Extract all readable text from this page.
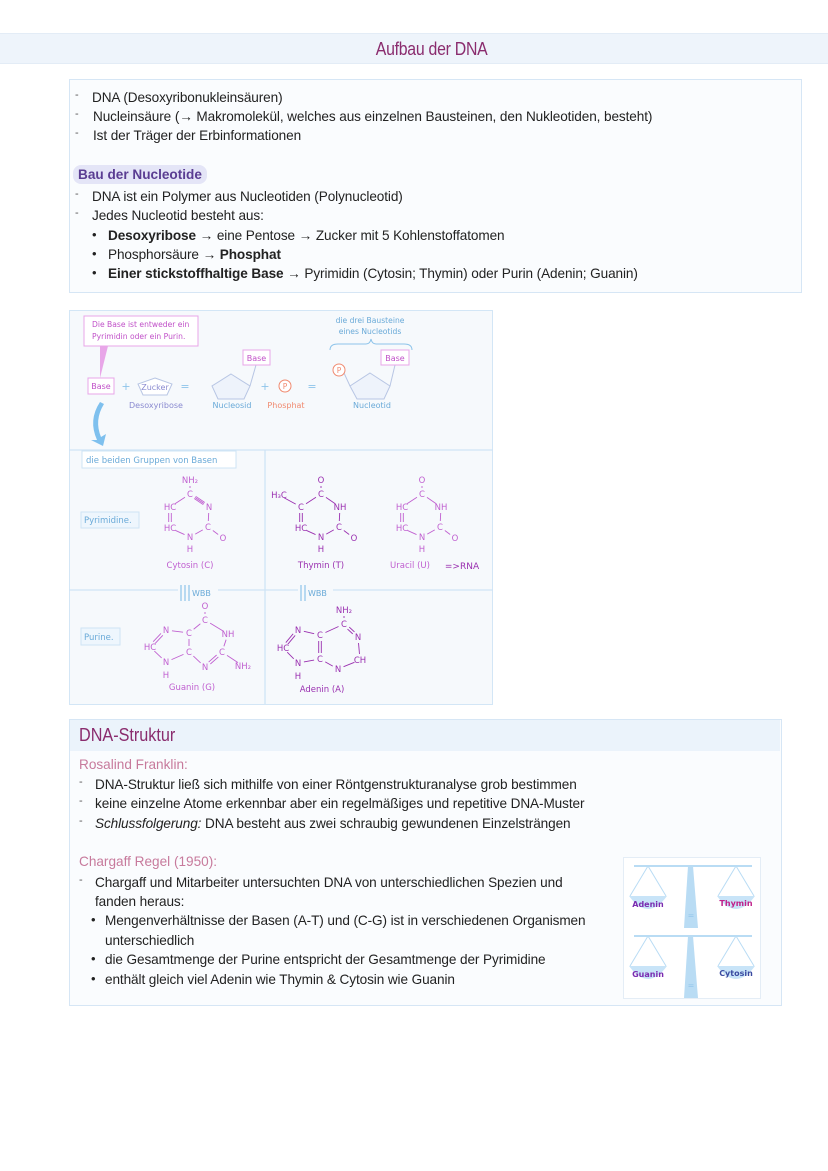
Aufbau der DNA
- DNA (Desoxyribonukleinsäuren)
- Nucleinsäure (→ Makromolekül, welches aus einzelnen Bausteinen, den Nukleotiden, besteht)
- Ist der Träger der Erbinformationen
Bau der Nucleotide
- DNA ist ein Polymer aus Nucleotiden (Polynucleotid)
- Jedes Nucleotid besteht aus:
• Desoxyribose → eine Pentose → Zucker mit 5 Kohlenstoffatomen
• Phosphorsäure → Phosphat
• Einer stickstoffhaltige Base → Pyrimidin (Cytosin; Thymin) oder Purin (Adenin; Guanin)
Die Base ist entweder ein
Pyrimidin oder ein Purin.
die drei Bausteine
eines Nucleotids
Base + Zucker
Desoxyribose
=
Base
Nucleosid
+ P
Phosphat
=
Base
P
Nucleotid
die beiden Gruppen von Basen
Pyrimidine.
Purine.
WBB	WBB
=>RNA
C
NH₂
N
C
O
N
H
HC
HC
Cytosin (C)
C
O
NH
C
O
N
H
HC
C
H₃C
Thymin (T)
C
O
NH
C
O
N
H
HC
HC
Uracil (U)
O
C
NH
C
NH₂
N
C
C
N
HC
N
H
Guanin (G)
NH₂
C
N
CH
N
C
C
N
HC
N
H
Adenin (A)
DNA-Struktur
Rosalind Franklin:
- DNA-Struktur ließ sich mithilfe von einer Röntgenstrukturanalyse grob bestimmen
- keine einzelne Atome erkennbar aber ein regelmäßiges und repetitive DNA-Muster
- Schlussfolgerung: DNA besteht aus zwei schraubig gewundenen Einzelsträngen
Chargaff Regel (1950):
- Chargaff und Mitarbeiter untersuchten DNA von unterschiedlichen Spezien und
fanden heraus:
• Mengenverhältnisse der Basen (A-T) und (C-G) ist in verschiedenen Organismen
unterschiedlich
• die Gesamtmenge der Purine entspricht der Gesamtmenge der Pyrimidine
• enthält gleich viel Adenin wie Thymin & Cytosin wie Guanin
Adenin	Thymin
=
Guanin	Cytosin
=
